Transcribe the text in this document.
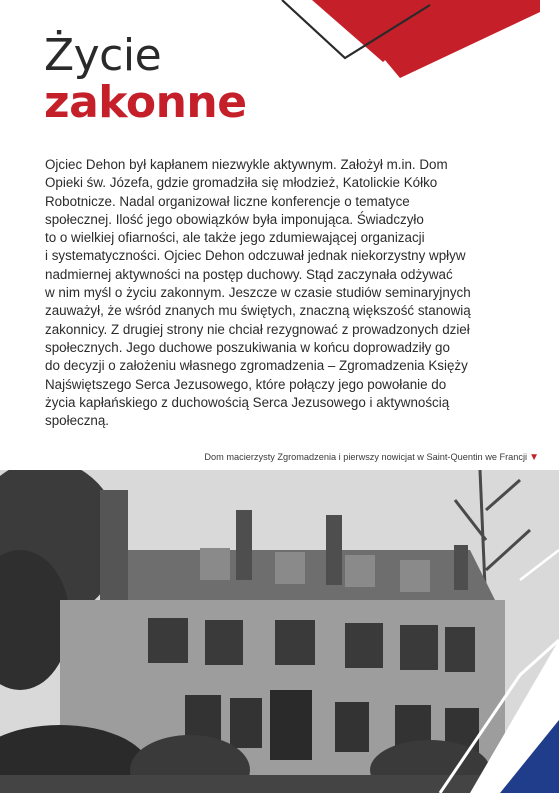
Życie
zakonne

Ojciec Dehon był kapłanem niezwykle aktywnym. Założył m.in. Dom
Opieki św. Józefa, gdzie gromadziła się młodzież, Katolickie Kółko
Robotnicze. Nadal organizował liczne konferencje o tematyce
społecznej. Ilość jego obowiązków była imponująca. Świadczyło
to o wielkiej ofiarności, ale także jego zdumiewającej organizacji
i systematyczności. Ojciec Dehon odczuwał jednak niekorzystny wpływ
nadmiernej aktywności na postęp duchowy. Stąd zaczynała odżywać
w nim myśl o życiu zakonnym. Jeszcze w czasie studiów seminaryjnych
zauważył, że wśród znanych mu świętych, znaczną większość stanowią
zakonnicy. Z drugiej strony nie chciał rezygnować z prowadzonych dzieł
społecznych. Jego duchowe poszukiwania w końcu doprowadziły go
do decyzji o założeniu własnego zgromadzenia – Zgromadzenia Księży
Najświętszego Serca Jezusowego, które połączy jego powołanie do
życia kapłańskiego z duchowością Serca Jezusowego i aktywnością
społeczną.

Dom macierzysty Zgromadzenia i pierwszy nowicjat w Saint-Quentin we Francji ▼
